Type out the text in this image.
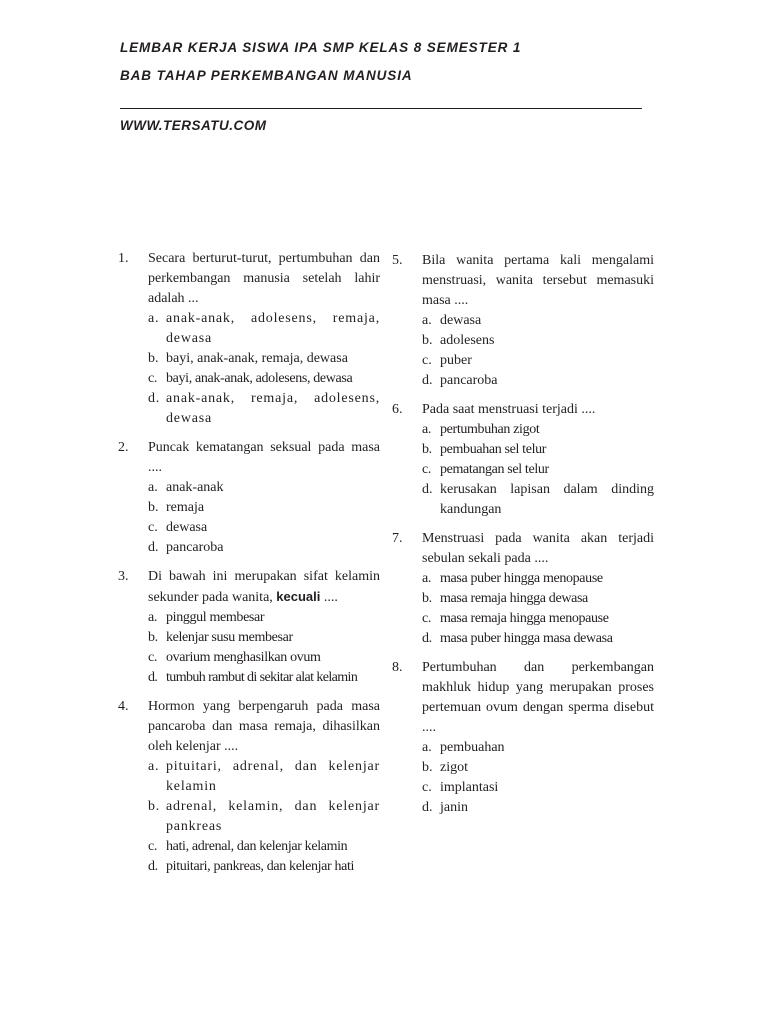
LEMBAR KERJA SISWA IPA SMP KELAS 8 SEMESTER 1
BAB TAHAP PERKEMBANGAN MANUSIA
WWW.TERSATU.COM
1. Secara berturut-turut, pertumbuhan dan perkembangan manusia setelah lahir adalah ...
a. anak-anak, adolesens, remaja, dewasa
b. bayi, anak-anak, remaja, dewasa
c. bayi, anak-anak, adolesens, dewasa
d. anak-anak, remaja, adolesens, dewasa
2. Puncak kematangan seksual pada masa ....
a. anak-anak
b. remaja
c. dewasa
d. pancaroba
3. Di bawah ini merupakan sifat kelamin sekunder pada wanita, kecuali ....
a. pinggul membesar
b. kelenjar susu membesar
c. ovarium menghasilkan ovum
d. tumbuh rambut di sekitar alat kelamin
4. Hormon yang berpengaruh pada masa pancaroba dan masa remaja, dihasilkan oleh kelenjar ....
a. pituitari, adrenal, dan kelenjar kelamin
b. adrenal, kelamin, dan kelenjar pankreas
c. hati, adrenal, dan kelenjar kelamin
d. pituitari, pankreas, dan kelenjar hati
5. Bila wanita pertama kali mengalami menstruasi, wanita tersebut memasuki masa ....
a. dewasa
b. adolesens
c. puber
d. pancaroba
6. Pada saat menstruasi terjadi ....
a. pertumbuhan zigot
b. pembuahan sel telur
c. pematangan sel telur
d. kerusakan lapisan dalam dinding kandungan
7. Menstruasi pada wanita akan terjadi sebulan sekali pada ....
a. masa puber hingga menopause
b. masa remaja hingga dewasa
c. masa remaja hingga menopause
d. masa puber hingga masa dewasa
8. Pertumbuhan dan perkembangan makhluk hidup yang merupakan proses pertemuan ovum dengan sperma disebut ....
a. pembuahan
b. zigot
c. implantasi
d. janin
